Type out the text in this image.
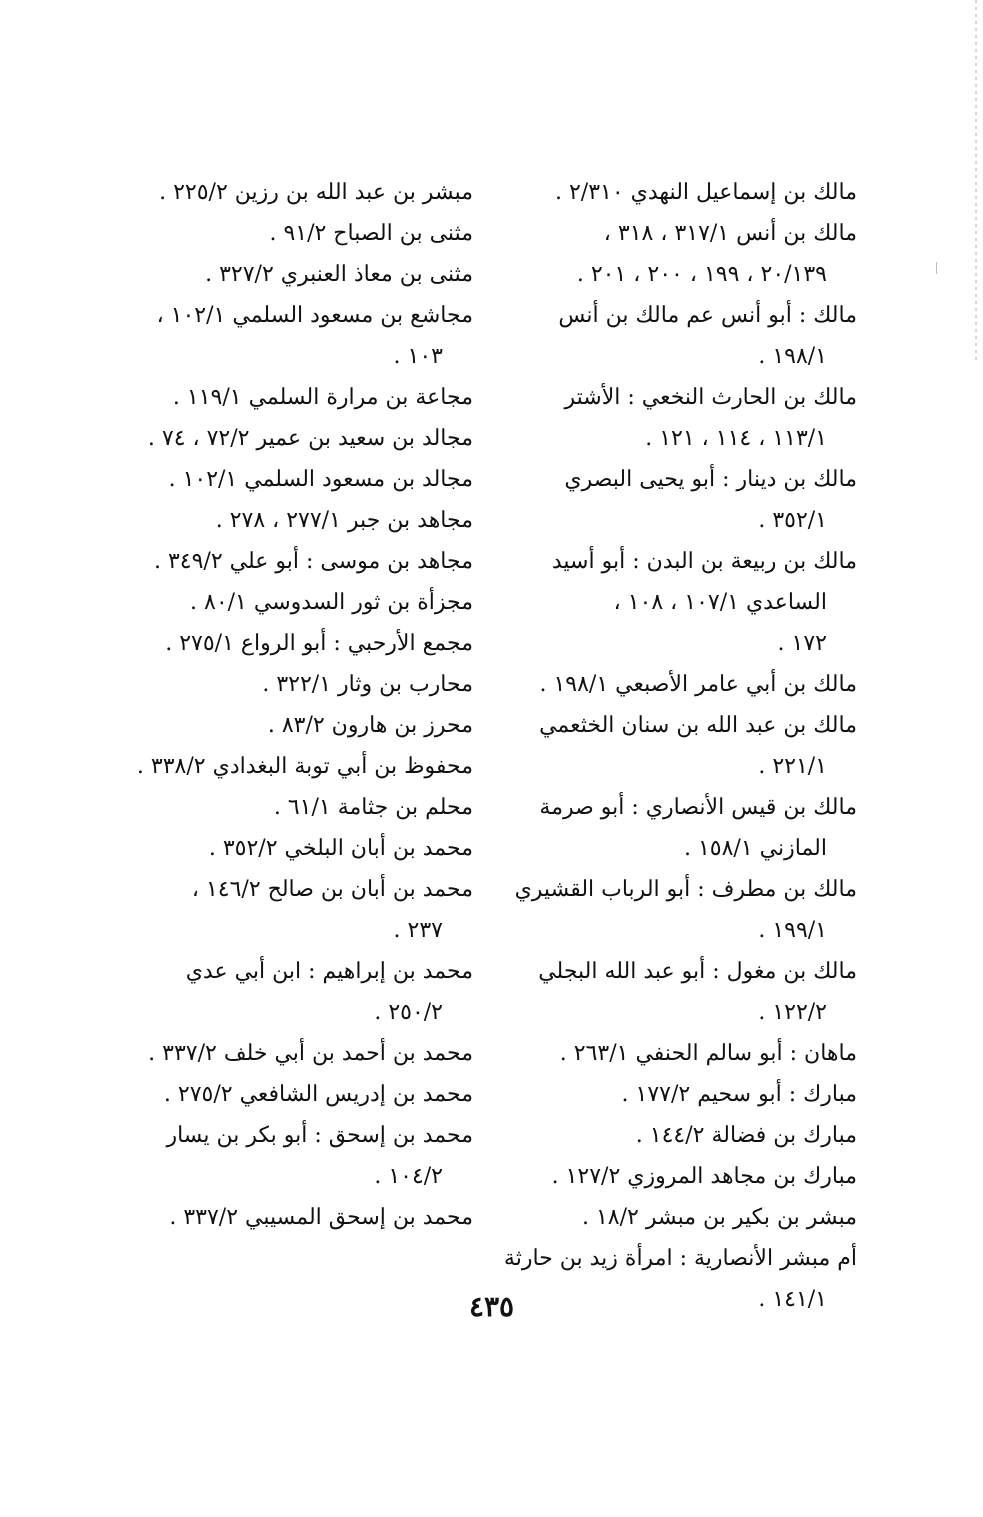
مالك بن إسماعيل النهدي ٢/٣١٠ .
مالك بن أنس ٣١٧/١ ، ٣١٨ ،
٢٠/١٣٩ ، ١٩٩ ، ٢٠٠ ، ٢٠١ .
مالك : أبو أنس عم مالك بن أنس
١٩٨/١ .
مالك بن الحارث النخعي : الأشتر
١١٣/١ ، ١١٤ ، ١٢١ .
مالك بن دينار : أبو يحيى البصري
٣٥٢/١ .
مالك بن ربيعة بن البدن : أبو أسيد
الساعدي ١٠٧/١ ، ١٠٨ ،
١٧٢ .
مالك بن أبي عامر الأصبعي ١٩٨/١ .
مالك بن عبد الله بن سنان الخثعمي
٢٢١/١ .
مالك بن قيس الأنصاري : أبو صرمة
المازني ١٥٨/١ .
مالك بن مطرف : أبو الرباب القشيري
١٩٩/١ .
مالك بن مغول : أبو عبد الله البجلي
١٢٢/٢ .
ماهان : أبو سالم الحنفي ٢٦٣/١ .
مبارك : أبو سحيم ١٧٧/٢ .
مبارك بن فضالة ١٤٤/٢ .
مبارك بن مجاهد المروزي ١٢٧/٢ .
مبشر بن بكير بن مبشر ١٨/٢ .
أم مبشر الأنصارية : امرأة زيد بن حارثة
١٤١/١ .
مبشر بن عبد الله بن رزين ٢٢٥/٢ .
مثنى بن الصباح ٩١/٢ .
مثنى بن معاذ العنبري ٣٢٧/٢ .
مجاشع بن مسعود السلمي ١٠٢/١ ،
١٠٣ .
مجاعة بن مرارة السلمي ١١٩/١ .
مجالد بن سعيد بن عمير ٧٢/٢ ، ٧٤ .
مجالد بن مسعود السلمي ١٠٢/١ .
مجاهد بن جبر ٢٧٧/١ ، ٢٧٨ .
مجاهد بن موسى : أبو علي ٣٤٩/٢ .
مجزأة بن ثور السدوسي ٨٠/١ .
مجمع الأرحبي : أبو الرواع ٢٧٥/١ .
محارب بن وثار ٣٢٢/١ .
محرز بن هارون ٨٣/٢ .
محفوظ بن أبي توبة البغدادي ٣٣٨/٢ .
محلم بن جثامة ٦١/١ .
محمد بن أبان البلخي ٣٥٢/٢ .
محمد بن أبان بن صالح ١٤٦/٢ ،
٢٣٧ .
محمد بن إبراهيم : ابن أبي عدي
٢٥٠/٢ .
محمد بن أحمد بن أبي خلف ٣٣٧/٢ .
محمد بن إدريس الشافعي ٢٧٥/٢ .
محمد بن إسحق : أبو بكر بن يسار
١٠٤/٢ .
محمد بن إسحق المسيبي ٣٣٧/٢ .
٤٣٥
